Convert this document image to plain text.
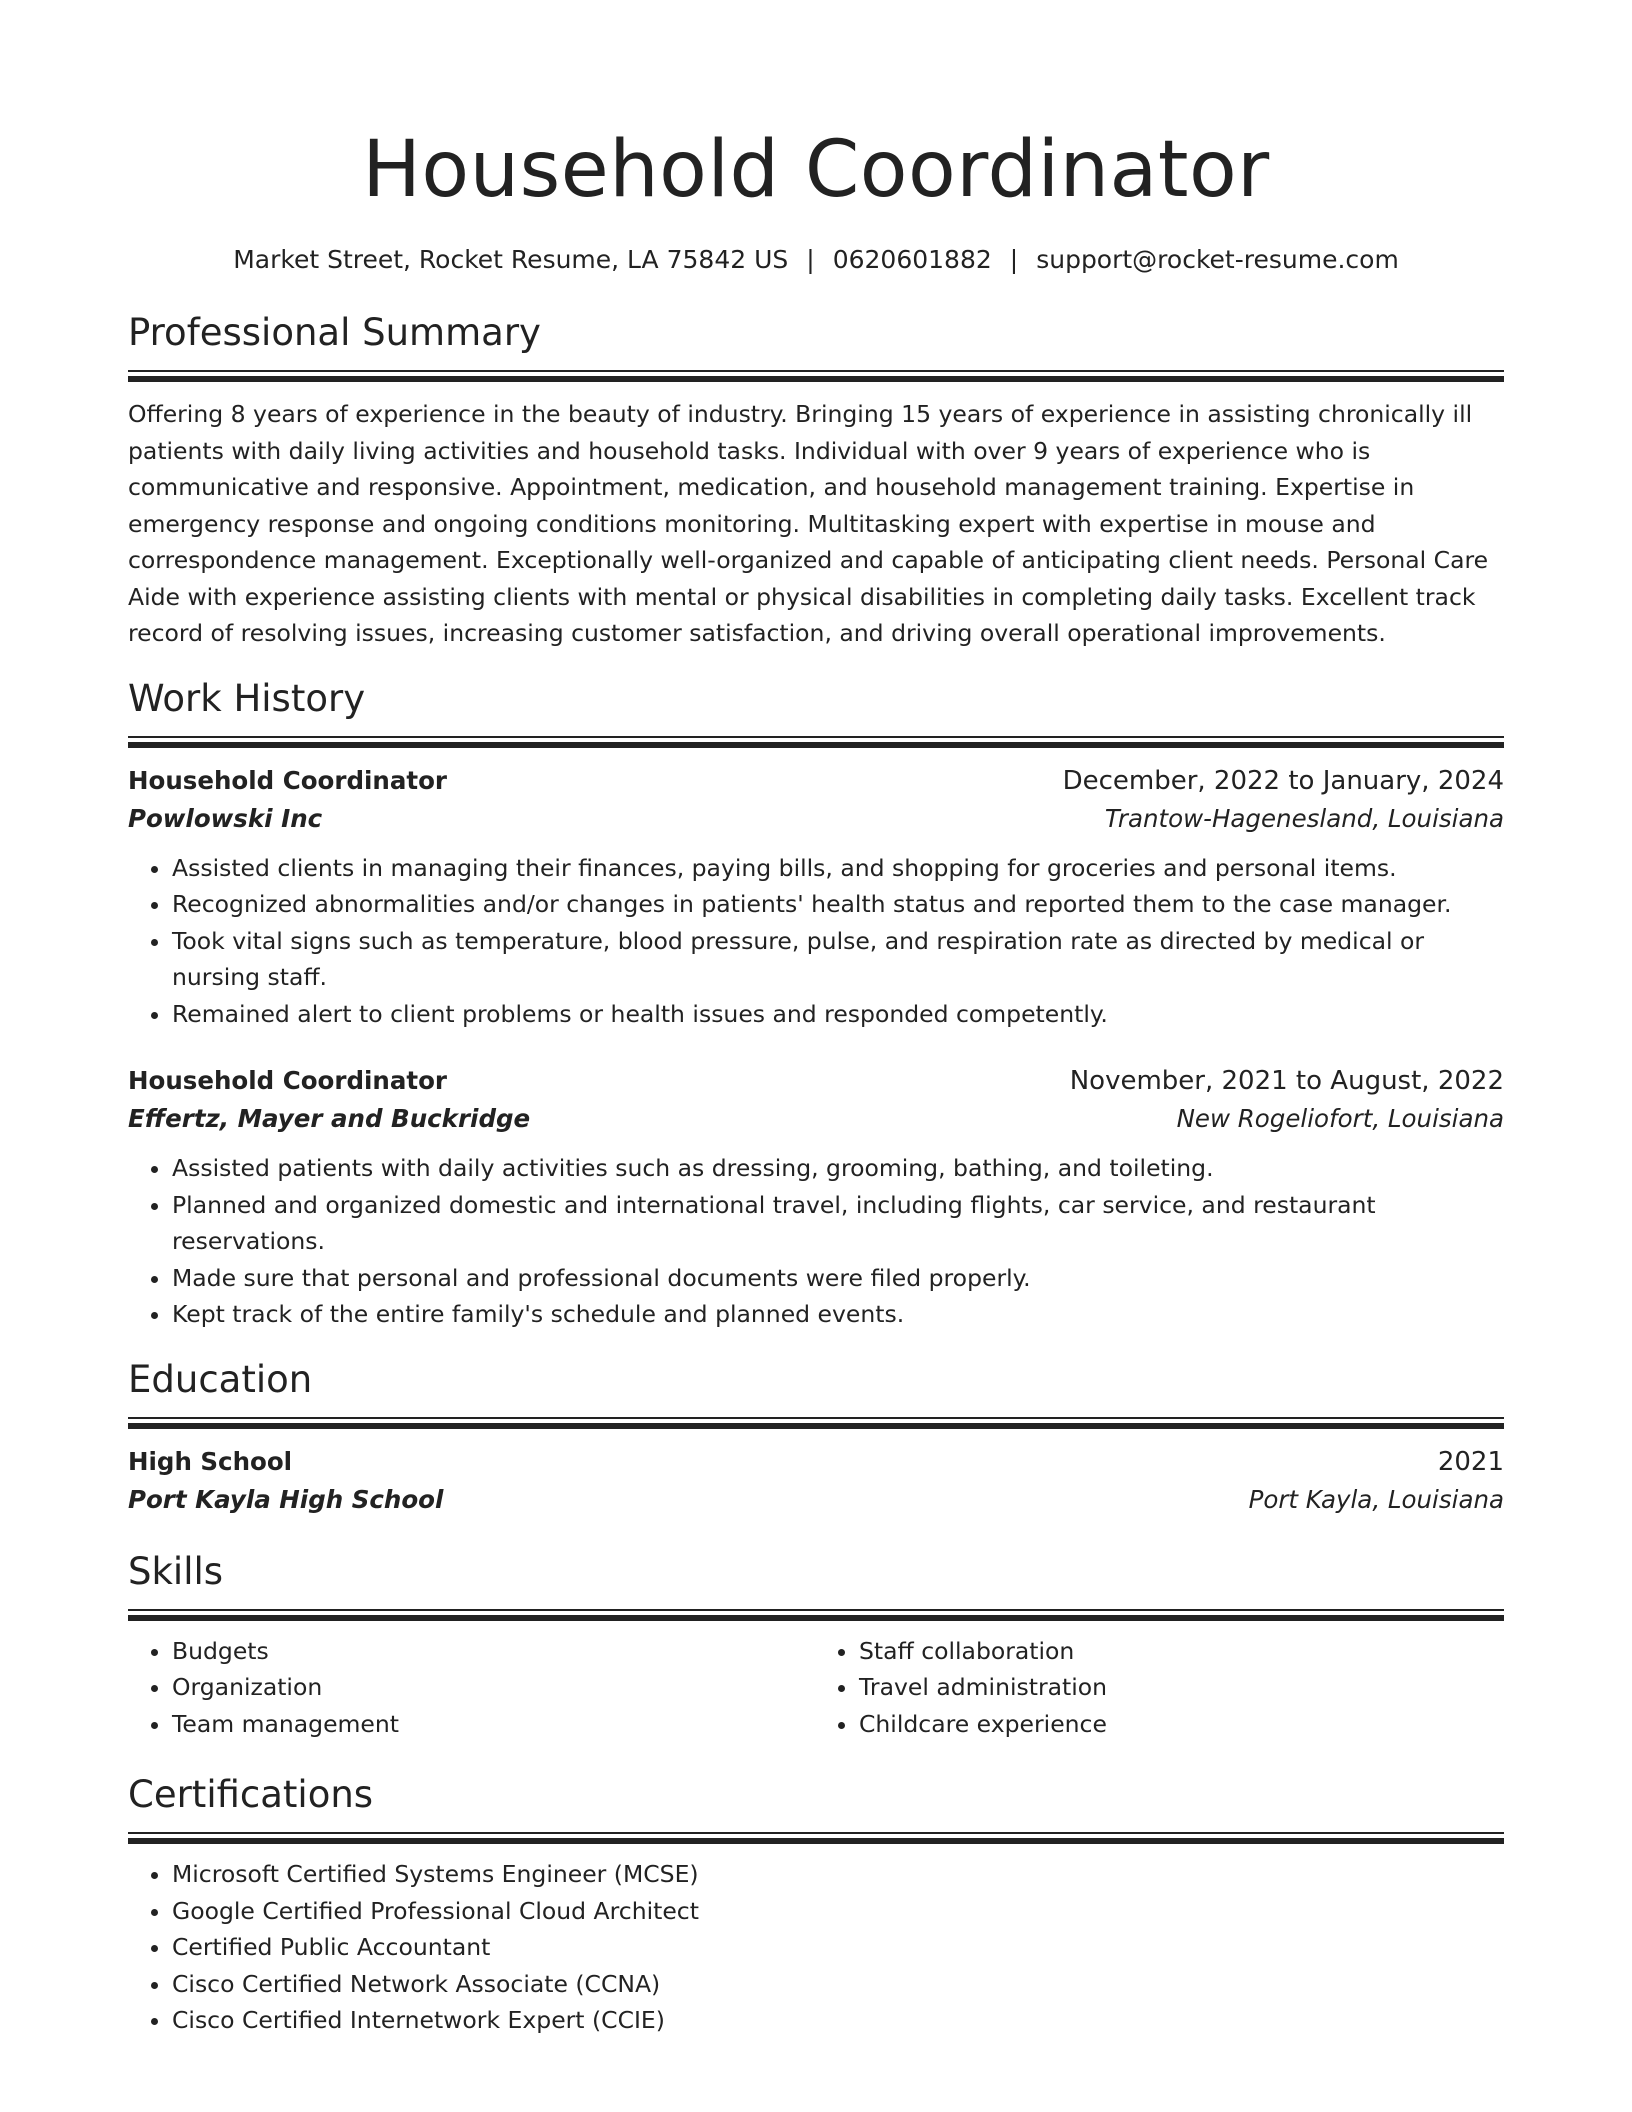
Household Coordinator
Market Street, Rocket Resume, LA 75842 US | 0620601882 | support@rocket-resume.com
Professional Summary
Offering 8 years of experience in the beauty of industry. Bringing 15 years of experience in assisting chronically ill patients with daily living activities and household tasks. Individual with over 9 years of experience who is communicative and responsive. Appointment, medication, and household management training. Expertise in emergency response and ongoing conditions monitoring. Multitasking expert with expertise in mouse and correspondence management. Exceptionally well-organized and capable of anticipating client needs. Personal Care Aide with experience assisting clients with mental or physical disabilities in completing daily tasks. Excellent track record of resolving issues, increasing customer satisfaction, and driving overall operational improvements.
Work History
Household Coordinator	December, 2022 to January, 2024
Powlowski Inc	Trantow-Hagenesland, Louisiana
• Assisted clients in managing their finances, paying bills, and shopping for groceries and personal items.
• Recognized abnormalities and/or changes in patients' health status and reported them to the case manager.
• Took vital signs such as temperature, blood pressure, pulse, and respiration rate as directed by medical or nursing staff.
• Remained alert to client problems or health issues and responded competently.
Household Coordinator	November, 2021 to August, 2022
Effertz, Mayer and Buckridge	New Rogeliofort, Louisiana
• Assisted patients with daily activities such as dressing, grooming, bathing, and toileting.
• Planned and organized domestic and international travel, including flights, car service, and restaurant reservations.
• Made sure that personal and professional documents were filed properly.
• Kept track of the entire family's schedule and planned events.
Education
High School	2021
Port Kayla High School	Port Kayla, Louisiana
Skills
• Budgets
• Organization
• Team management
• Staff collaboration
• Travel administration
• Childcare experience
Certifications
• Microsoft Certified Systems Engineer (MCSE)
• Google Certified Professional Cloud Architect
• Certified Public Accountant
• Cisco Certified Network Associate (CCNA)
• Cisco Certified Internetwork Expert (CCIE)
